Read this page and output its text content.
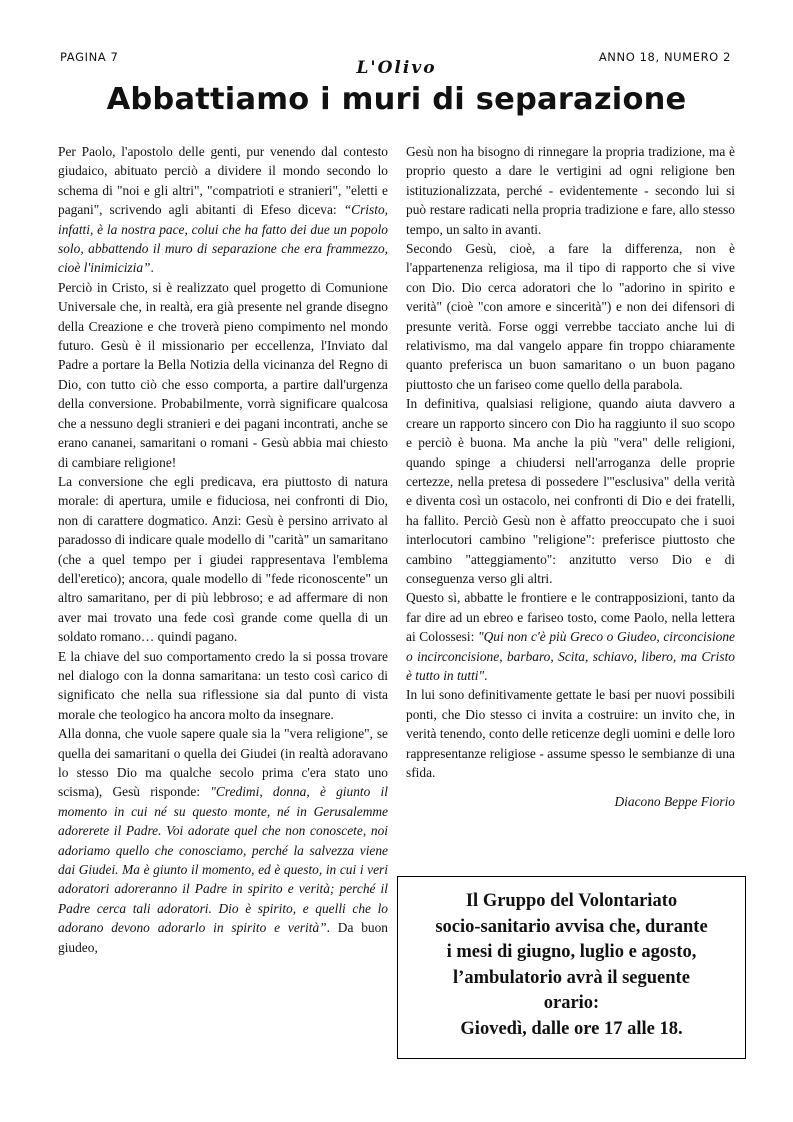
PAGINA 7
L'Olivo
ANNO 18, NUMERO 2
Abbattiamo i muri di separazione

Per Paolo, l'apostolo delle genti, pur venendo dal contesto giudaico, abituato perciò a dividere il mondo secondo lo schema di "noi e gli altri", "compatrioti e stranieri", "eletti e pagani", scrivendo agli abitanti di Efeso diceva: “Cristo, infatti, è la nostra pace, colui che ha fatto dei due un popolo solo, abbattendo il muro di separazione che era frammezzo, cioè l'inimicizia”.

Perciò in Cristo, si è realizzato quel progetto di Comunione Universale che, in realtà, era già presente nel grande disegno della Creazione e che troverà pieno compimento nel mondo futuro. Gesù è il missionario per eccellenza, l'Inviato dal Padre a portare la Bella Notizia della vicinanza del Regno di Dio, con tutto ciò che esso comporta, a partire dall'urgenza della conversione. Probabilmente, vorrà significare qualcosa che a nessuno degli stranieri e dei pagani incontrati, anche se erano cananei, samaritani o romani - Gesù abbia mai chiesto di cambiare religione!

La conversione che egli predicava, era piuttosto di natura morale: di apertura, umile e fiduciosa, nei confronti di Dio, non di carattere dogmatico. Anzi: Gesù è persino arrivato al paradosso di indicare quale modello di "carità" un samaritano (che a quel tempo per i giudei rappresentava l'emblema dell'eretico); ancora, quale modello di "fede riconoscente" un altro samaritano, per di più lebbroso; e ad affermare di non aver mai trovato una fede così grande come quella di un soldato romano… quindi pagano.

E la chiave del suo comportamento credo la si possa trovare nel dialogo con la donna samaritana: un testo così carico di significato che nella sua riflessione sia dal punto di vista morale che teologico ha ancora molto da insegnare.

Alla donna, che vuole sapere quale sia la "vera religione", se quella dei samaritani o quella dei Giudei (in realtà adoravano lo stesso Dio ma qualche secolo prima c'era stato uno scisma), Gesù risponde: "Credimi, donna, è giunto il momento in cui né su questo monte, né in Gerusalemme adorerete il Padre. Voi adorate quel che non conoscete, noi adoriamo quello che conosciamo, perché la salvezza viene dai Giudei. Ma è giunto il momento, ed è questo, in cui i veri adoratori adoreranno il Padre in spirito e verità; perché il Padre cerca tali adoratori. Dio è spirito, e quelli che lo adorano devono adorarlo in spirito e verità”. Da buon giudeo,

Gesù non ha bisogno di rinnegare la propria tradizione, ma è proprio questo a dare le vertigini ad ogni religione ben istituzionalizzata, perché - evidentemente - secondo lui si può restare radicati nella propria tradizione e fare, allo stesso tempo, un salto in avanti.

Secondo Gesù, cioè, a fare la differenza, non è l'appartenenza religiosa, ma il tipo di rapporto che si vive con Dio. Dio cerca adoratori che lo "adorino in spirito e verità" (cioè "con amore e sincerità") e non dei difensori di presunte verità. Forse oggi verrebbe tacciato anche lui di relativismo, ma dal vangelo appare fin troppo chiaramente quanto preferisca un buon samaritano o un buon pagano piuttosto che un fariseo come quello della parabola.

In definitiva, qualsiasi religione, quando aiuta davvero a creare un rapporto sincero con Dio ha raggiunto il suo scopo e perciò è buona. Ma anche la più "vera" delle religioni, quando spinge a chiudersi nell'arroganza delle proprie certezze, nella pretesa di possedere l'"esclusiva" della verità e diventa così un ostacolo, nei confronti di Dio e dei fratelli, ha fallito. Perciò Gesù non è affatto preoccupato che i suoi interlocutori cambino "religione": preferisce piuttosto che cambino "atteggiamento": anzitutto verso Dio e di conseguenza verso gli altri.

Questo sì, abbatte le frontiere e le contrapposizioni, tanto da far dire ad un ebreo e fariseo tosto, come Paolo, nella lettera ai Colossesi: "Qui non c'è più Greco o Giudeo, circoncisione o incirconcisione, barbaro, Scita, schiavo, libero, ma Cristo è tutto in tutti".

In lui sono definitivamente gettate le basi per nuovi possibili ponti, che Dio stesso ci invita a costruire: un invito che, in verità tenendo, conto delle reticenze degli uomini e delle loro rappresentanze religiose - assume spesso le sembianze di una sfida.

Diacono Beppe Fiorio

Il Gruppo del Volontariato
socio-sanitario avvisa che, durante
i mesi di giugno, luglio e agosto,
l’ambulatorio avrà il seguente
orario:
Giovedì, dalle ore 17 alle 18.
